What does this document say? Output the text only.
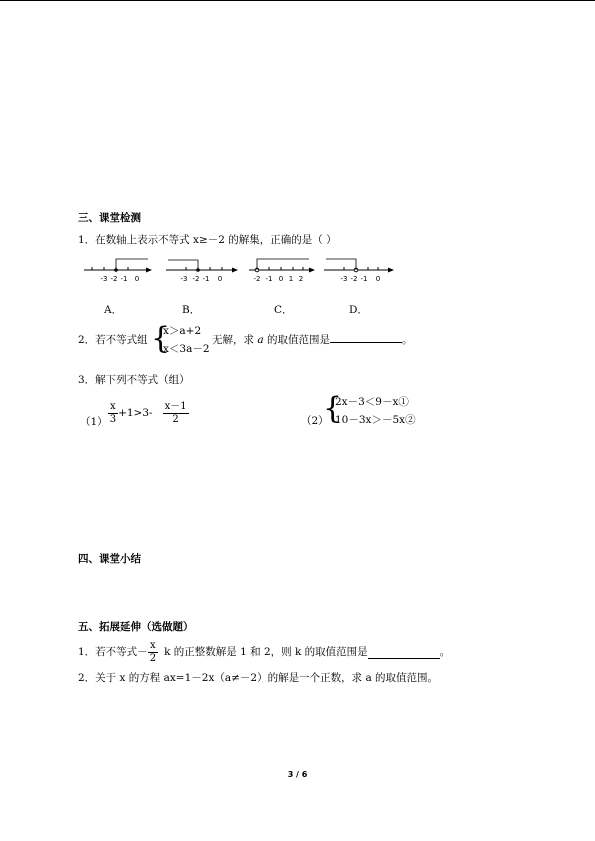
三、课堂检测
1．在数轴上表示不等式 x≥－2 的解集，正确的是（ ）
-3 -2 -1 0	-3 -2 -1 0	-2 -1 0 1 2	-3 -2 -1 0
A．	B．	C．	D．
2．若不等式组 {
x＞a+2
x＜3a－2
无解，求 a 的取值范围是	。
3．解下列不等式（组）
$(1) \frac{x}{3} +1>3- \frac{x-1}{2}$	（2）
{
2x－3＜9－x①
10－3x＞－5x②
四、课堂小结
五、拓展延伸（选做题）
1．若不等式－ $\frac{x}{2}$ k 的正整数解是 1 和 2，则 k 的取值范围是	。
2．关于 x 的方程 ax=1－2x（a≠－2）的解是一个正数，求 a 的取值范围。
3 / 6
